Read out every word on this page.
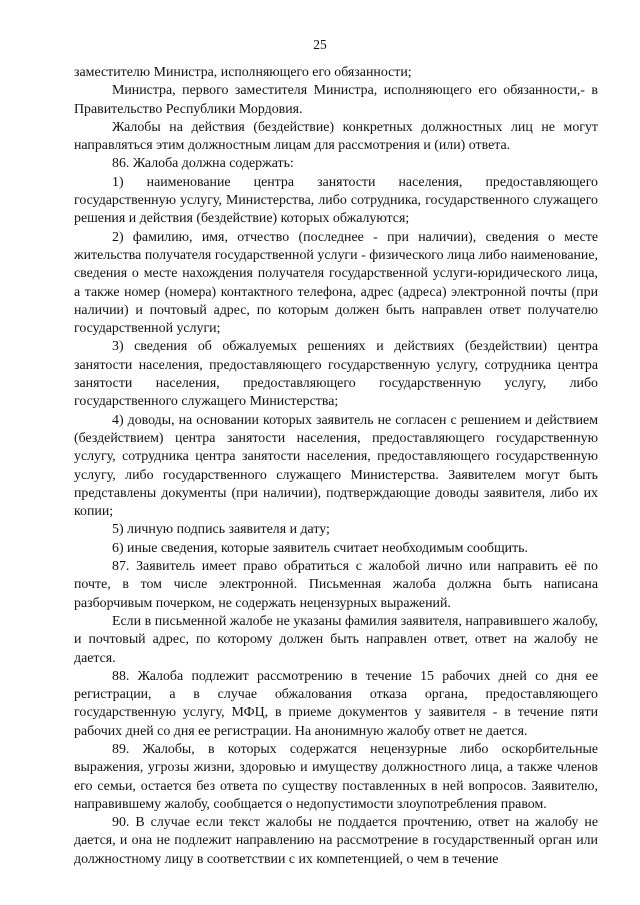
25

заместителю Министра, исполняющего его обязанности;

Министра, первого заместителя Министра, исполняющего его обязанности,- в Правительство Республики Мордовия.

Жалобы на действия (бездействие) конкретных должностных лиц не могут направляться этим должностным лицам для рассмотрения и (или) ответа.

86. Жалоба должна содержать:

1) наименование центра занятости населения, предоставляющего государственную услугу, Министерства, либо сотрудника, государственного служащего решения и действия (бездействие) которых обжалуются;

2) фамилию, имя, отчество (последнее - при наличии), сведения о месте жительства получателя государственной услуги - физического лица либо наименование, сведения о месте нахождения получателя государственной услуги-юридического лица, а также номер (номера) контактного телефона, адрес (адреса) электронной почты (при наличии) и почтовый адрес, по которым должен быть направлен ответ получателю государственной услуги;

3) сведения об обжалуемых решениях и действиях (бездействии) центра занятости населения, предоставляющего государственную услугу, сотрудника центра занятости населения, предоставляющего государственную услугу, либо государственного служащего Министерства;

4) доводы, на основании которых заявитель не согласен с решением и действием (бездействием) центра занятости населения, предоставляющего государственную услугу, сотрудника центра занятости населения, предоставляющего государственную услугу, либо государственного служащего Министерства. Заявителем могут быть представлены документы (при наличии), подтверждающие доводы заявителя, либо их копии;

5) личную подпись заявителя и дату;

6) иные сведения, которые заявитель считает необходимым сообщить.

87. Заявитель имеет право обратиться с жалобой лично или направить её по почте, в том числе электронной. Письменная жалоба должна быть написана разборчивым почерком, не содержать нецензурных выражений.

Если в письменной жалобе не указаны фамилия заявителя, направившего жалобу, и почтовый адрес, по которому должен быть направлен ответ, ответ на жалобу не дается.

88. Жалоба подлежит рассмотрению в течение 15 рабочих дней со дня ее регистрации, а в случае обжалования отказа органа, предоставляющего государственную услугу, МФЦ, в приеме документов у заявителя - в течение пяти рабочих дней со дня ее регистрации. На анонимную жалобу ответ не дается.

89. Жалобы, в которых содержатся нецензурные либо оскорбительные выражения, угрозы жизни, здоровью и имуществу должностного лица, а также членов его семьи, остается без ответа по существу поставленных в ней вопросов. Заявителю, направившему жалобу, сообщается о недопустимости злоупотребления правом.

90. В случае если текст жалобы не поддается прочтению, ответ на жалобу не дается, и она не подлежит направлению на рассмотрение в государственный орган или должностному лицу в соответствии с их компетенцией, о чем в течение
